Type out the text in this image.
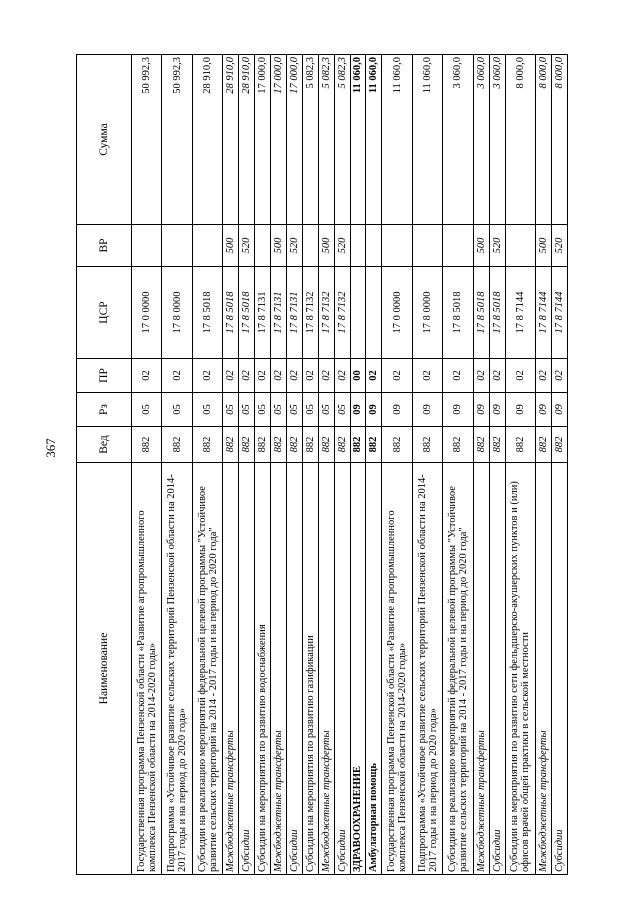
367
Наименование	Вед	Рз	ПР	ЦСР	ВР	Сумма
Государственная программа Пензенской области «Развитие агропромышленного комплекса Пензенской области на 2014-2020 годы»	882	05	02	17 0 0000		50 992,3
Подпрограмма «Устойчивое развитие сельских территорий Пензенской области на 2014-2017 годы и на период до 2020 года»	882	05	02	17 8 0000		50 992,3
Субсидии на реализацию мероприятий федеральной целевой программы "Устойчивое развитие сельских территорий на 2014 - 2017 годы и на период до 2020 года"	882	05	02	17 8 5018		28 910,0
Межбюджетные трансферты	882	05	02	17 8 5018	500	28 910,0
Субсидии	882	05	02	17 8 5018	520	28 910,0
Субсидии на мероприятия по развитию водоснабжения	882	05	02	17 8 7131		17 000,0
Межбюджетные трансферты	882	05	02	17 8 7131	500	17 000,0
Субсидии	882	05	02	17 8 7131	520	17 000,0
Субсидии на мероприятия по развитию газификации	882	05	02	17 8 7132		5 082,3
Межбюджетные трансферты	882	05	02	17 8 7132	500	5 082,3
Субсидии	882	05	02	17 8 7132	520	5 082,3
ЗДРАВООХРАНЕНИЕ	882	09	00			11 060,0
Амбулаторная помощь	882	09	02			11 060,0
Государственная программа Пензенской области «Развитие агропромышленного комплекса Пензенской области на 2014-2020 годы»	882	09	02	17 0 0000		11 060,0
Подпрограмма «Устойчивое развитие сельских территорий Пензенской области на 2014-2017 годы и на период до 2020 года»	882	09	02	17 8 0000		11 060,0
Субсидии на реализацию мероприятий федеральной целевой программы "Устойчивое развитие сельских территорий на 2014 - 2017 годы и на период до 2020 года"	882	09	02	17 8 5018		3 060,0
Межбюджетные трансферты	882	09	02	17 8 5018	500	3 060,0
Субсидии	882	09	02	17 8 5018	520	3 060,0
Субсидии на мероприятия по развитию сети фельдшерско-акушерских пунктов и (или) офисов врачей общей практики в сельской местности	882	09	02	17 8 7144		8 000,0
Межбюджетные трансферты	882	09	02	17 8 7144	500	8 000,0
Субсидии	882	09	02	17 8 7144	520	8 000,0
